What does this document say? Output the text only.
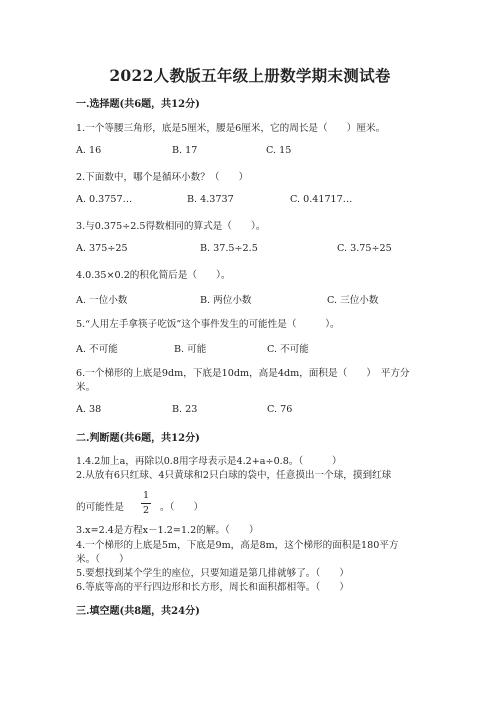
2022人教版五年级上册数学期末测试卷
一.选择题(共6题，共12分)
1.一个等腰三角形，底是5厘米，腰是6厘米，它的周长是（　　）厘米。
A. 16	B. 17	C. 15
2.下面数中，哪个是循环小数？（　　）
A. 0.3757…	B. 4.3737	C. 0.41717…
3.与0.375÷2.5得数相同的算式是（　　）。
A. 375÷25	B. 37.5÷2.5	C. 3.75÷25
4.0.35×0.2的积化简后是（　　）。
A. 一位小数	B. 两位小数	C. 三位小数
5.“人用左手拿筷子吃饭”这个事件发生的可能性是（　　　）。
A. 不可能	B. 可能	C. 不可能
6.一个梯形的上底是9dm，下底是10dm，高是4dm，面积是（　　）　平方分
米。
A. 38	B. 23	C. 76
二.判断题(共6题，共12分)
1.4.2加上a，再除以0.8用字母表示是4.2+a÷0.8。（　　　）
2.从放有6只红球、4只黄球和2只白球的袋中，任意摸出一个球，摸到红球
的可能性是
1
2 。（　　）
3.x=2.4是方程x－1.2=1.2的解。（　　）
4.一个梯形的上底是5m，下底是9m，高是8m，这个梯形的面积是180平方
米。（　　）
5.要想找到某个学生的座位，只要知道是第几排就够了。（　　）
6.等底等高的平行四边形和长方形，周长和面积都相等。（　　）
三.填空题(共8题，共24分)
